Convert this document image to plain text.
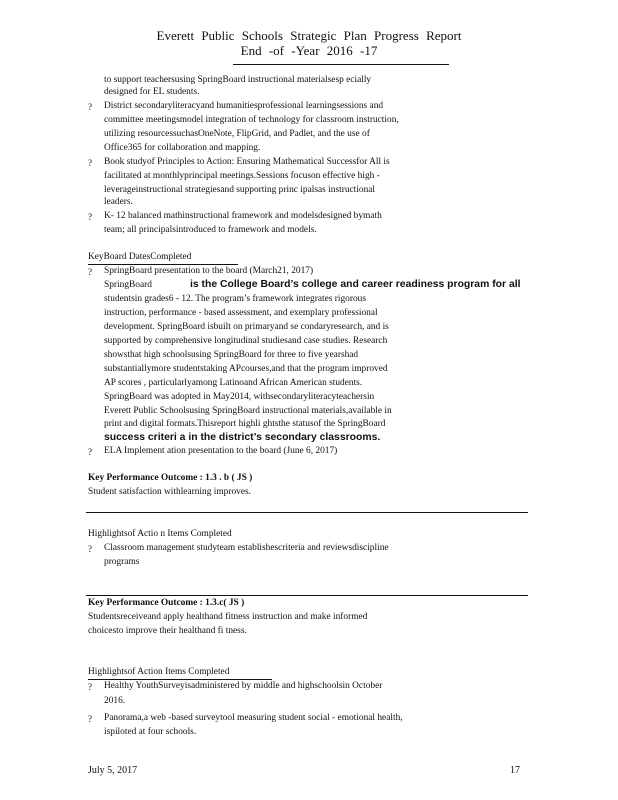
Everett Public Schools Strategic Plan Progress Report
End -of -Year 2016 -17
to support teachersusing SpringBoard instructional materialsesp ecially
designed for EL students.
? District secondaryliteracyand humanitiesprofessional learningsessions and
committee meetingsmodel integration of technology for classroom instruction,
utilizing resourcessuchasOneNote, FlipGrid, and Padlet, and the use of
Office365 for collaboration and mapping.
? Book studyof Principles to Action: Ensuring Mathematical Successfor All is
facilitated at monthlyprincipal meetings.Sessions focuson effective high -
leverageinstructional strategiesand supporting princ ipalsas instructional
leaders.
? K- 12 balanced mathinstructional framework and modelsdesigned bymath
team; all principalsintroduced to framework and models.
KeyBoard DatesCompleted
? SpringBoard presentation to the board (March21, 2017)
SpringBoard	is the College Board’s college and career readiness program for all
studentsin grades6 - 12. The program’s framework integrates rigorous
instruction, performance - based assessment, and exemplary professional
development. SpringBoard isbuilt on primaryand se condaryresearch, and is
supported by comprehensive longitudinal studiesand case studies. Research
showsthat high schoolsusing SpringBoard for three to five yearshad
substantiallymore studentstaking APcourses,and that the program improved
AP scores , particularlyamong Latinoand African American students.
SpringBoard was adopted in May2014, withsecondaryliteracyteachersin
Everett Public Schoolsusing SpringBoard instructional materials,available in
print and digital formats.Thisreport highli ghtsthe statusof the SpringBoard
success criteri a in the district’s secondary classrooms.
? ELA Implement ation presentation to the board (June 6, 2017)
Key Performance Outcome : 1.3 . b ( JS )
Student satisfaction withlearning improves.
Highlightsof Actio n Items Completed
? Classroom management studyteam establishescriteria and reviewsdiscipline
programs
Key Performance Outcome : 1.3.c( JS )
Studentsreceiveand apply healthand fitness instruction and make informed
choicesto improve their healthand fi tness.
Highlightsof Action Items Completed
? Healthy YouthSurveyisadministered by middle and highschoolsin October
2016.
? Panorama,a web -based surveytool measuring student social - emotional health,
ispiloted at four schools.
July 5, 2017	17
